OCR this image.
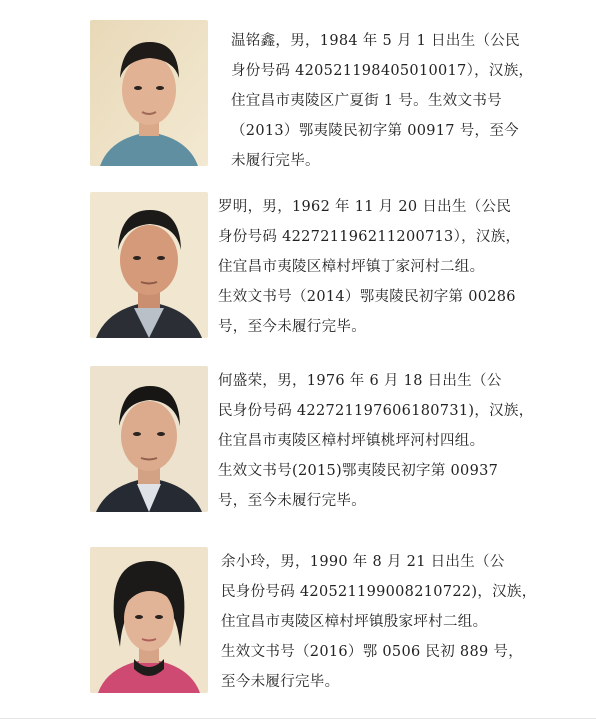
温铭鑫，男，1984 年 5 月 1 日出生（公民
身份号码 420521198405010017），汉族，
住宜昌市夷陵区广夏街 1 号。生效文书号
（2013）鄂夷陵民初字第 00917 号，至今
未履行完毕。
罗明，男，1962 年 11 月 20 日出生（公民
身份号码 422721196211200713），汉族，
住宜昌市夷陵区樟村坪镇丁家河村二组。
生效文书号（2014）鄂夷陵民初字第 00286
号，至今未履行完毕。
何盛荣，男，1976 年 6 月 18 日出生（公
民身份号码 422721197606180731)，汉族，
住宜昌市夷陵区樟村坪镇桃坪河村四组。
生效文书号(2015)鄂夷陵民初字第 00937
号，至今未履行完毕。
余小玲，男，1990 年 8 月 21 日出生（公
民身份号码 420521199008210722)，汉族，
住宜昌市夷陵区樟村坪镇殷家坪村二组。
生效文书号（2016）鄂 0506 民初 889 号，
至今未履行完毕。
